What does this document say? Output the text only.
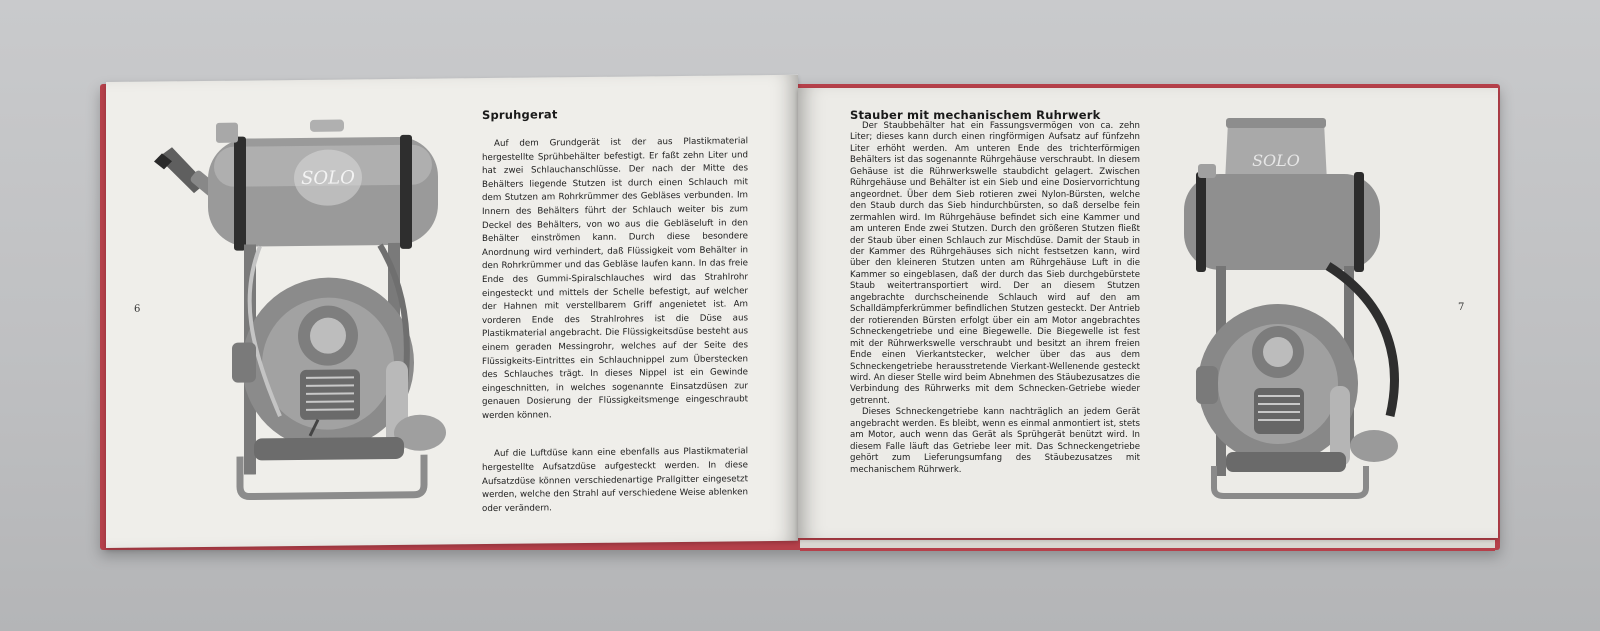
6
SOLO
Spruhgerat

Auf dem Grundgerät ist der aus Plastikmaterial hergestellte Sprühbehälter befestigt. Er faßt zehn Liter und hat zwei Schlauchanschlüsse. Der nach der Mitte des Behälters liegende Stutzen ist durch einen Schlauch mit dem Stutzen am Rohrkrümmer des Gebläses verbunden. Im Innern des Behälters führt der Schlauch weiter bis zum Deckel des Behälters, von wo aus die Gebläseluft in den Behälter einströmen kann. Durch diese besondere Anordnung wird verhindert, daß Flüssigkeit vom Behälter in den Rohrkrümmer und das Gebläse laufen kann. In das freie Ende des Gummi-Spiralschlauches wird das Strahlrohr eingesteckt und mittels der Schelle befestigt, auf welcher der Hahnen mit verstellbarem Griff angenietet ist. Am vorderen Ende des Strahlrohres ist die Düse aus Plastikmaterial angebracht. Die Flüssigkeitsdüse besteht aus einem geraden Messingrohr, welches auf der Seite des Flüssigkeits-Eintrittes ein Schlauchnippel zum Überstecken des Schlauches trägt. In dieses Nippel ist ein Gewinde eingeschnitten, in welches sogenannte Einsatzdüsen zur genauen Dosierung der Flüssigkeitsmenge eingeschraubt werden können.

Auf die Luftdüse kann eine ebenfalls aus Plastikmaterial hergestellte Aufsatzdüse aufgesteckt werden. In diese Aufsatzdüse können verschiedenartige Prallgitter eingesetzt werden, welche den Strahl auf verschiedene Weise ablenken oder verändern.

Stauber mit mechanischem Ruhrwerk

Der Staubbehälter hat ein Fassungsvermögen von ca. zehn Liter; dieses kann durch einen ringförmigen Aufsatz auf fünfzehn Liter erhöht werden. Am unteren Ende des trichterförmigen Behälters ist das sogenannte Rührgehäuse verschraubt. In diesem Gehäuse ist die Rührwerkswelle staubdicht gelagert. Zwischen Rührgehäuse und Behälter ist ein Sieb und eine Dosiervorrichtung angeordnet. Über dem Sieb rotieren zwei Nylon-Bürsten, welche den Staub durch das Sieb hindurchbürsten, so daß derselbe fein zermahlen wird. Im Rührgehäuse befindet sich eine Kammer und am unteren Ende zwei Stutzen. Durch den größeren Stutzen fließt der Staub über einen Schlauch zur Mischdüse. Damit der Staub in der Kammer des Rührgehäuses sich nicht festsetzen kann, wird über den kleineren Stutzen unten am Rührgehäuse Luft in die Kammer so eingeblasen, daß der durch das Sieb durchgebürstete Staub weitertransportiert wird. Der an diesem Stutzen angebrachte durchscheinende Schlauch wird auf den am Schalldämpferkrümmer befindlichen Stutzen gesteckt. Der Antrieb der rotierenden Bürsten erfolgt über ein am Motor angebrachtes Schneckengetriebe und eine Biegewelle. Die Biegewelle ist fest mit der Rührwerkswelle verschraubt und besitzt an ihrem freien Ende einen Vierkantstecker, welcher über das aus dem Schneckengetriebe herausstretende Vierkant-Wellenende gesteckt wird. An dieser Stelle wird beim Abnehmen des Stäubezusatzes die Verbindung des Rührwerks mit dem Schnecken-Getriebe wieder getrennt.

Dieses Schneckengetriebe kann nachträglich an jedem Gerät angebracht werden. Es bleibt, wenn es einmal anmontiert ist, stets am Motor, auch wenn das Gerät als Sprühgerät benützt wird. In diesem Falle läuft das Getriebe leer mit. Das Schneckengetriebe gehört zum Lieferungsumfang des Stäubezusatzes mit mechanischem Rührwerk.

SOLO
7
